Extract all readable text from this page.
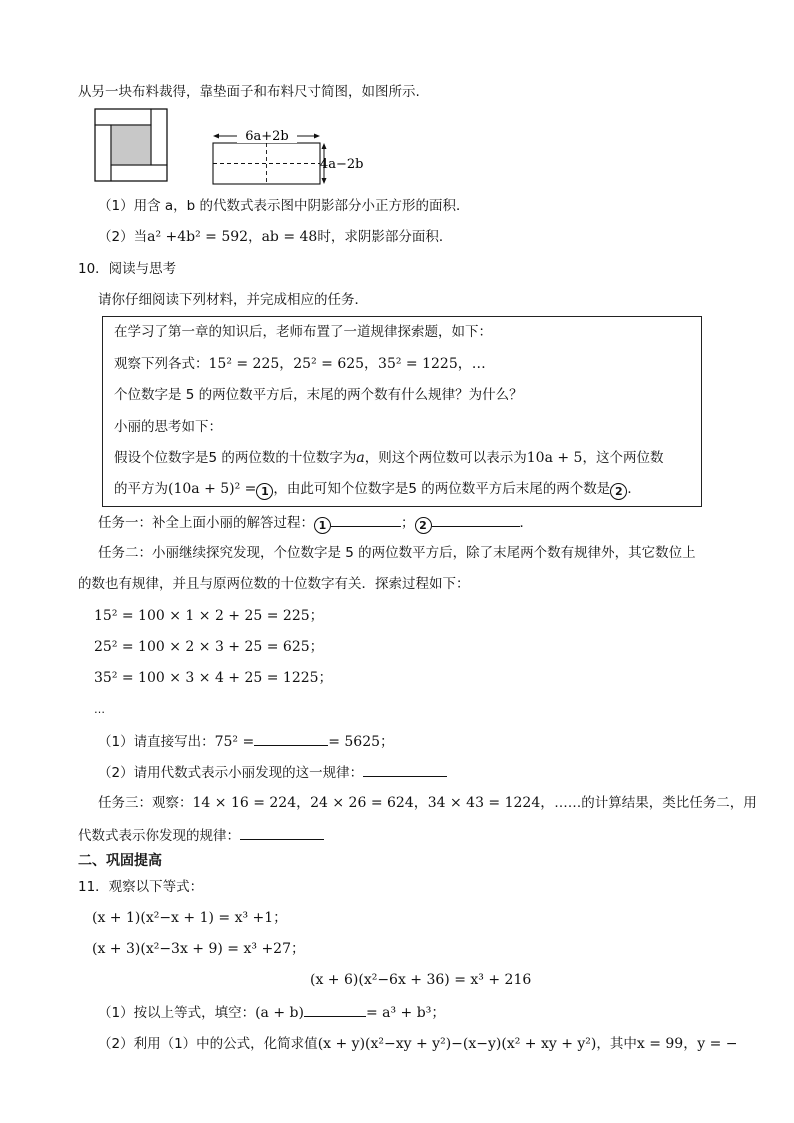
从另一块布料裁得，靠垫面子和布料尺寸简图，如图所示.
6a+2b
4a−2b
（1）用含 a，b 的代数式表示图中阴影部分小正方形的面积．
（2）当a² +4b² = 592，ab = 48时，求阴影部分面积．
10．阅读与思考
请你仔细阅读下列材料，并完成相应的任务．
在学习了第一章的知识后，老师布置了一道规律探索题，如下：
观察下列各式：15² = 225，25² = 625，35² = 1225，…
个位数字是 5 的两位数平方后，末尾的两个数有什么规律？为什么？
小丽的思考如下：
假设个位数字是5 的两位数的十位数字为a，则这个两位数可以表示为10a + 5，这个两位数
的平方为(10a + 5)² = 1 ，由此可知个位数字是5 的两位数平方后末尾的两个数是 2 ．
任务一：补全上面小丽的解答过程： 1	； 2	．
任务二：小丽继续探究发现，个位数字是 5 的两位数平方后，除了末尾两个数有规律外，其它数位上
的数也有规律，并且与原两位数的十位数字有关．探索过程如下：
15² = 100 × 1 × 2 + 25 = 225；
25² = 100 × 2 × 3 + 25 = 625；
35² = 100 × 3 × 4 + 25 = 1225；
…
（1）请直接写出：75² =	= 5625；
（2）请用代数式表示小丽发现的这一规律：
任务三：观察：14 × 16 = 224，24 × 26 = 624，34 × 43 = 1224，……的计算结果，类比任务二，用
代数式表示你发现的规律：
二、巩固提高
11．观察以下等式：
(x + 1)(x²−x + 1) = x³ +1；
(x + 3)(x²−3x + 9) = x³ +27；
(x + 6)(x²−6x + 36) = x³ + 216
（1）按以上等式，填空：(a + b)	= a³ + b³；
（2）利用（1）中的公式，化简求值(x + y)(x²−xy + y²)−(x−y)(x² + xy + y²)，其中x = 99，y = −
